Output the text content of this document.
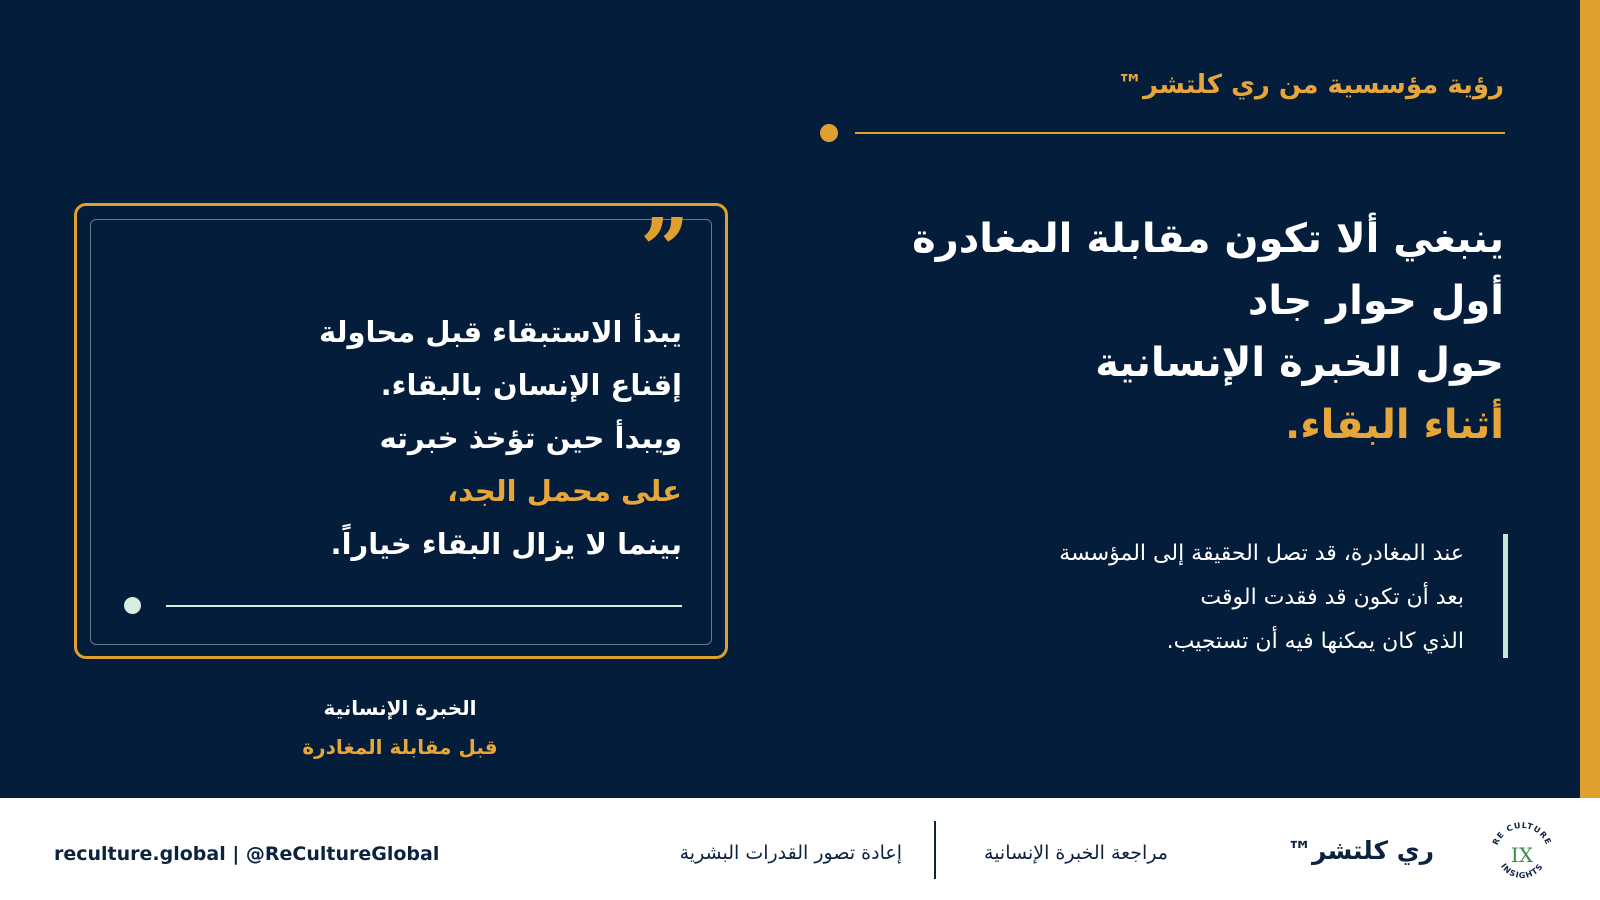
رؤية مؤسسية من ري كلتشر™
ينبغي ألا تكون مقابلة المغادرة
أول حوار جاد
حول الخبرة الإنسانية
أثناء البقاء.
عند المغادرة، قد تصل الحقيقة إلى المؤسسة
بعد أن تكون قد فقدت الوقت
الذي كان يمكنها فيه أن تستجيب.
”
يبدأ الاستبقاء قبل محاولة
إقناع الإنسان بالبقاء.
ويبدأ حين تؤخذ خبرته
على محمل الجد،
بينما لا يزال البقاء خياراً.
الخبرة الإنسانية
قبل مقابلة المغادرة
reculture.global | @ReCultureGlobal	إعادة تصور القدرات البشرية	مراجعة الخبرة الإنسانية	ري كلتشر™	RE CULTURE
INSIGHTS
IX
